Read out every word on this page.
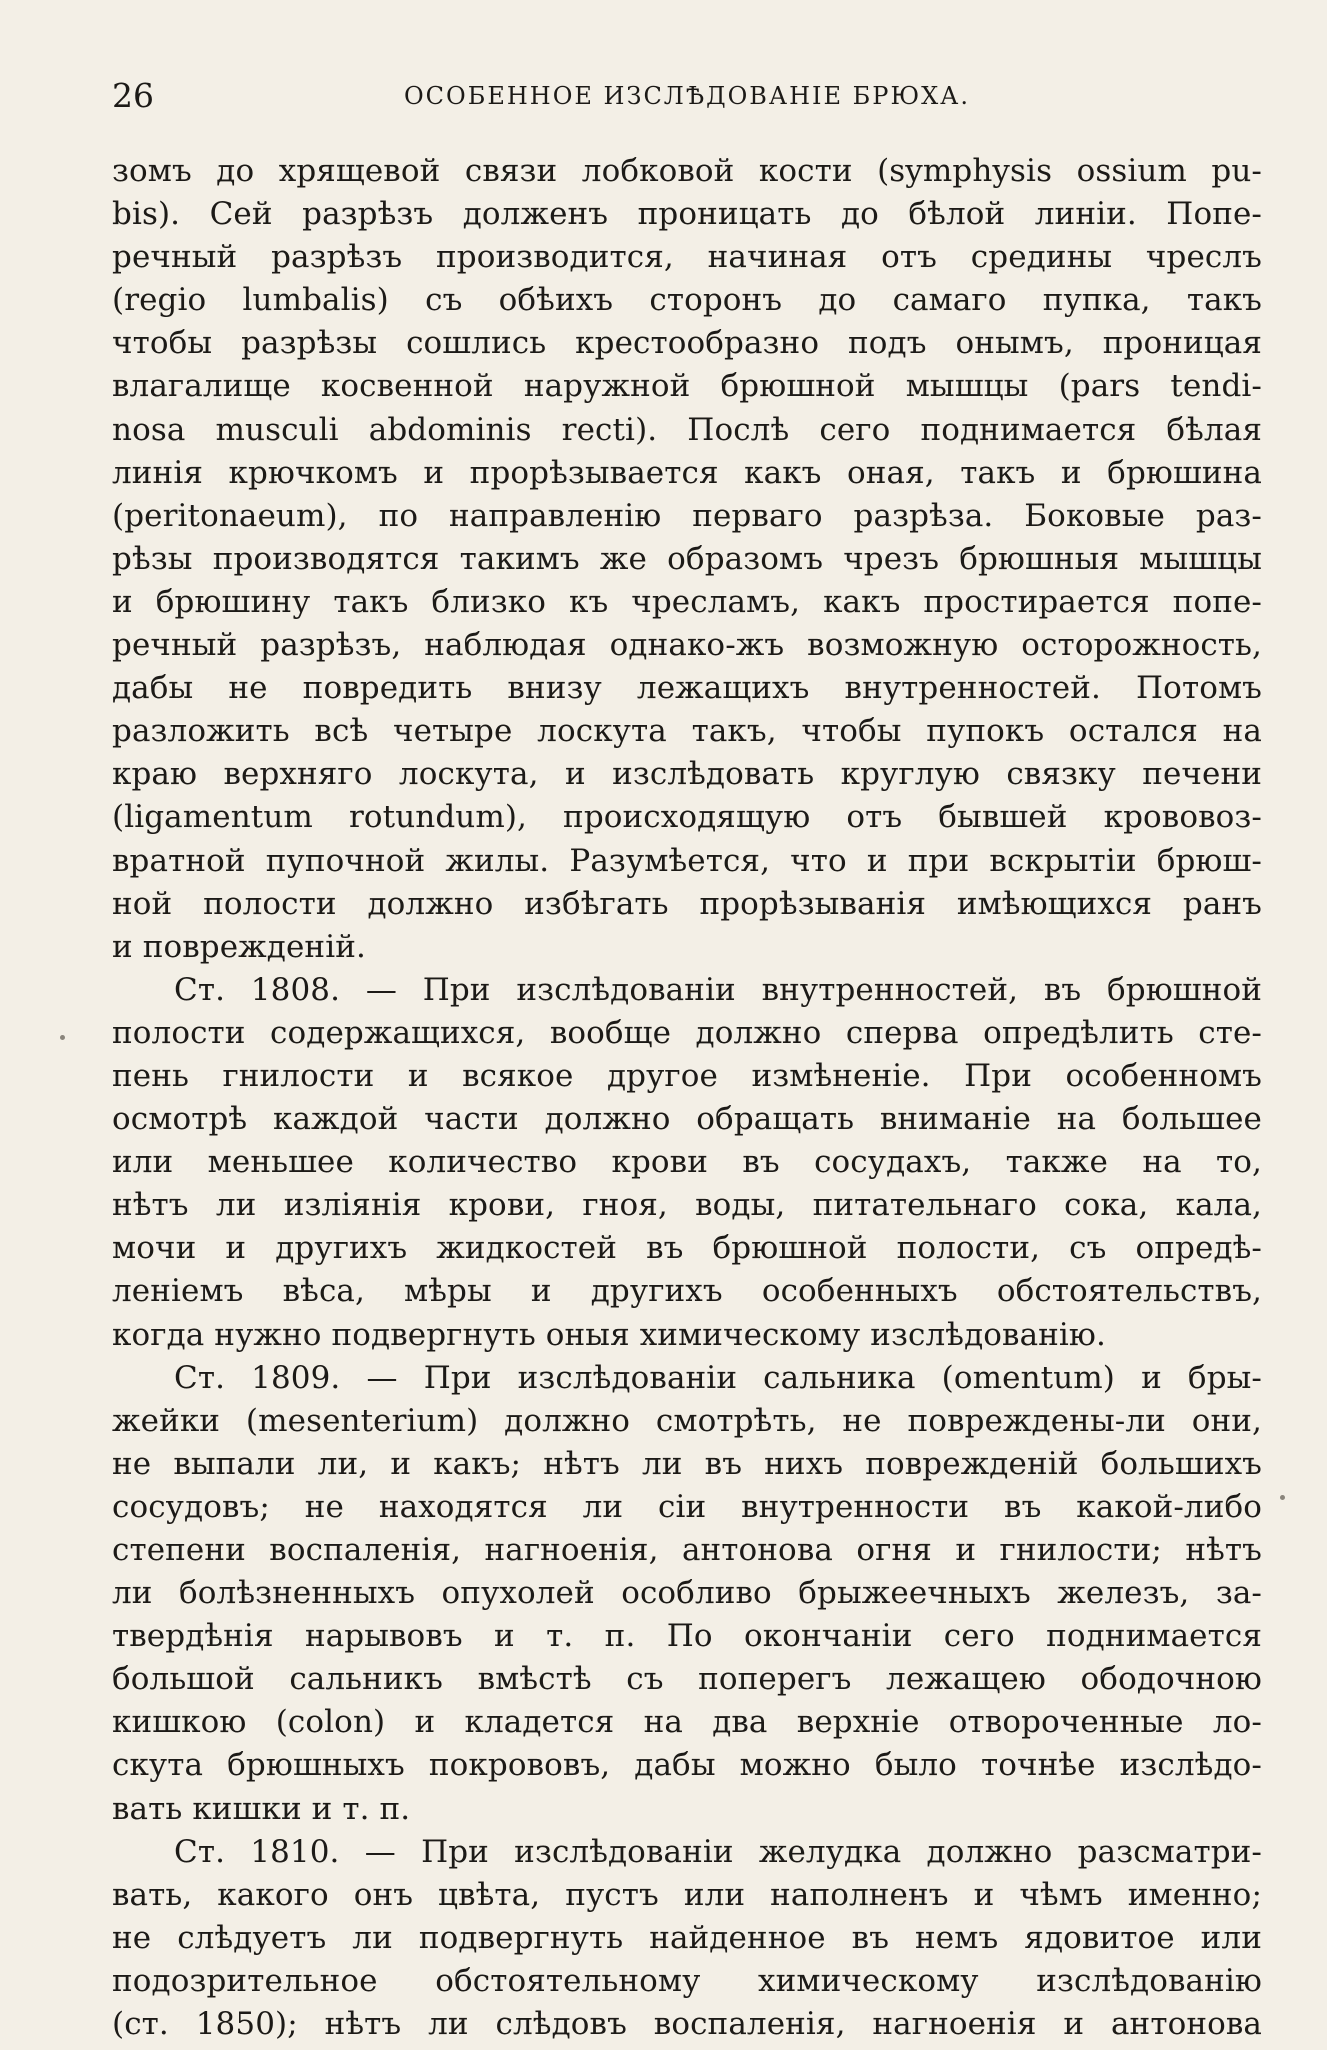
26	ОСОБЕННОЕ ИЗСЛѢДОВАНІЕ БРЮХА.
зомъ до хрящевой связи лобковой кости (symphysis ossium pu-
bis). Сей разрѣзъ долженъ проницать до бѣлой линіи. Попе-
речный разрѣзъ производится, начиная отъ средины чреслъ
(regio lumbalis) съ обѣихъ сторонъ до самаго пупка, такъ
чтобы разрѣзы сошлись крестообразно подъ онымъ, проницая
влагалище косвенной наружной брюшной мышцы (pars tendi-
nosa musculi abdominis recti). Послѣ сего поднимается бѣлая
линія крючкомъ и прорѣзывается какъ оная, такъ и брюшина
(peritonaeum), по направленію перваго разрѣза. Боковые раз-
рѣзы производятся такимъ же образомъ чрезъ брюшныя мышцы
и брюшину такъ близко къ чресламъ, какъ простирается попе-
речный разрѣзъ, наблюдая однако-жъ возможную осторожность,
дабы не повредить внизу лежащихъ внутренностей. Потомъ
разложить всѣ четыре лоскута такъ, чтобы пупокъ остался на
краю верхняго лоскута, и изслѣдовать круглую связку печени
(ligamentum rotundum), происходящую отъ бывшей крововоз-
вратной пупочной жилы. Разумѣется, что и при вскрытіи брюш-
ной полости должно избѣгать прорѣзыванія имѣющихся ранъ
и поврежденій.
Ст. 1808. — При изслѣдованіи внутренностей, въ брюшной
полости содержащихся, вообще должно сперва опредѣлить сте-
пень гнилости и всякое другое измѣненіе. При особенномъ
осмотрѣ каждой части должно обращать вниманіе на большее
или меньшее количество крови въ сосудахъ, также на то,
нѣтъ ли изліянія крови, гноя, воды, питательнаго сока, кала,
мочи и другихъ жидкостей въ брюшной полости, съ опредѣ-
леніемъ вѣса, мѣры и другихъ особенныхъ обстоятельствъ,
когда нужно подвергнуть оныя химическому изслѣдованію.
Ст. 1809. — При изслѣдованіи сальника (omentum) и бры-
жейки (mesenterium) должно смотрѣть, не повреждены-ли они,
не выпали ли, и какъ; нѣтъ ли въ нихъ поврежденій большихъ
сосудовъ; не находятся ли сіи внутренности въ какой-либо
степени воспаленія, нагноенія, антонова огня и гнилости; нѣтъ
ли болѣзненныхъ опухолей особливо брыжеечныхъ железъ, за-
твердѣнія нарывовъ и т. п. По окончаніи сего поднимается
большой сальникъ вмѣстѣ съ поперегъ лежащею ободочною
кишкою (colon) и кладется на два верхніе отвороченные ло-
скута брюшныхъ покрововъ, дабы можно было точнѣе изслѣдо-
вать кишки и т. п.
Ст. 1810. — При изслѣдованіи желудка должно разсматри-
вать, какого онъ цвѣта, пустъ или наполненъ и чѣмъ именно;
не слѣдуетъ ли подвергнуть найденное въ немъ ядовитое или
подозрительное обстоятельному химическому изслѣдованію
(ст. 1850); нѣтъ ли слѣдовъ воспаленія, нагноенія и антонова
